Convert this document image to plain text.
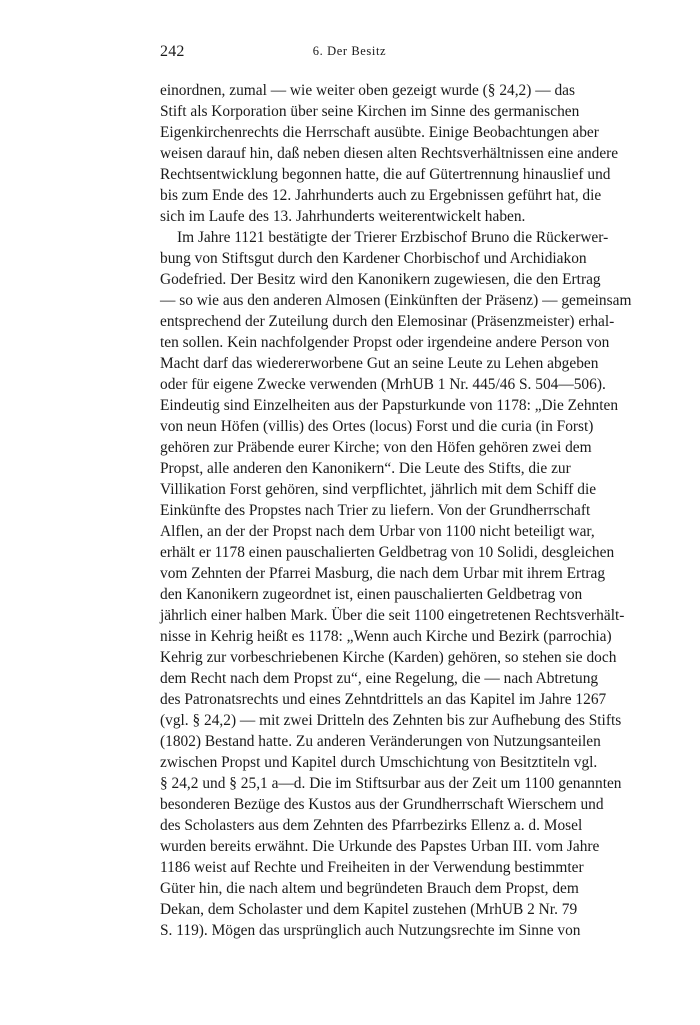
242	6. Der Besitz
einordnen, zumal — wie weiter oben gezeigt wurde (§ 24,2) — das
Stift als Korporation über seine Kirchen im Sinne des germanischen
Eigenkirchenrechts die Herrschaft ausübte. Einige Beobachtungen aber
weisen darauf hin, daß neben diesen alten Rechtsverhältnissen eine andere
Rechtsentwicklung begonnen hatte, die auf Gütertrennung hinauslief und
bis zum Ende des 12. Jahrhunderts auch zu Ergebnissen geführt hat, die
sich im Laufe des 13. Jahrhunderts weiterentwickelt haben.
Im Jahre 1121 bestätigte der Trierer Erzbischof Bruno die Rückerwer-
bung von Stiftsgut durch den Kardener Chorbischof und Archidiakon
Godefried. Der Besitz wird den Kanonikern zugewiesen, die den Ertrag
— so wie aus den anderen Almosen (Einkünften der Präsenz) — gemeinsam
entsprechend der Zuteilung durch den Elemosinar (Präsenzmeister) erhal-
ten sollen. Kein nachfolgender Propst oder irgendeine andere Person von
Macht darf das wiedererworbene Gut an seine Leute zu Lehen abgeben
oder für eigene Zwecke verwenden (MrhUB 1 Nr. 445/46 S. 504—506).
Eindeutig sind Einzelheiten aus der Papsturkunde von 1178: „Die Zehnten
von neun Höfen (villis) des Ortes (locus) Forst und die curia (in Forst)
gehören zur Präbende eurer Kirche; von den Höfen gehören zwei dem
Propst, alle anderen den Kanonikern“. Die Leute des Stifts, die zur
Villikation Forst gehören, sind verpflichtet, jährlich mit dem Schiff die
Einkünfte des Propstes nach Trier zu liefern. Von der Grundherrschaft
Alflen, an der der Propst nach dem Urbar von 1100 nicht beteiligt war,
erhält er 1178 einen pauschalierten Geldbetrag von 10 Solidi, desgleichen
vom Zehnten der Pfarrei Masburg, die nach dem Urbar mit ihrem Ertrag
den Kanonikern zugeordnet ist, einen pauschalierten Geldbetrag von
jährlich einer halben Mark. Über die seit 1100 eingetretenen Rechtsverhält-
nisse in Kehrig heißt es 1178: „Wenn auch Kirche und Bezirk (parrochia)
Kehrig zur vorbeschriebenen Kirche (Karden) gehören, so stehen sie doch
dem Recht nach dem Propst zu“, eine Regelung, die — nach Abtretung
des Patronatsrechts und eines Zehntdrittels an das Kapitel im Jahre 1267
(vgl. § 24,2) — mit zwei Dritteln des Zehnten bis zur Aufhebung des Stifts
(1802) Bestand hatte. Zu anderen Veränderungen von Nutzungsanteilen
zwischen Propst und Kapitel durch Umschichtung von Besitztiteln vgl.
§ 24,2 und § 25,1 a—d. Die im Stiftsurbar aus der Zeit um 1100 genannten
besonderen Bezüge des Kustos aus der Grundherrschaft Wierschem und
des Scholasters aus dem Zehnten des Pfarrbezirks Ellenz a. d. Mosel
wurden bereits erwähnt. Die Urkunde des Papstes Urban III. vom Jahre
1186 weist auf Rechte und Freiheiten in der Verwendung bestimmter
Güter hin, die nach altem und begründeten Brauch dem Propst, dem
Dekan, dem Scholaster und dem Kapitel zustehen (MrhUB 2 Nr. 79
S. 119). Mögen das ursprünglich auch Nutzungsrechte im Sinne von
